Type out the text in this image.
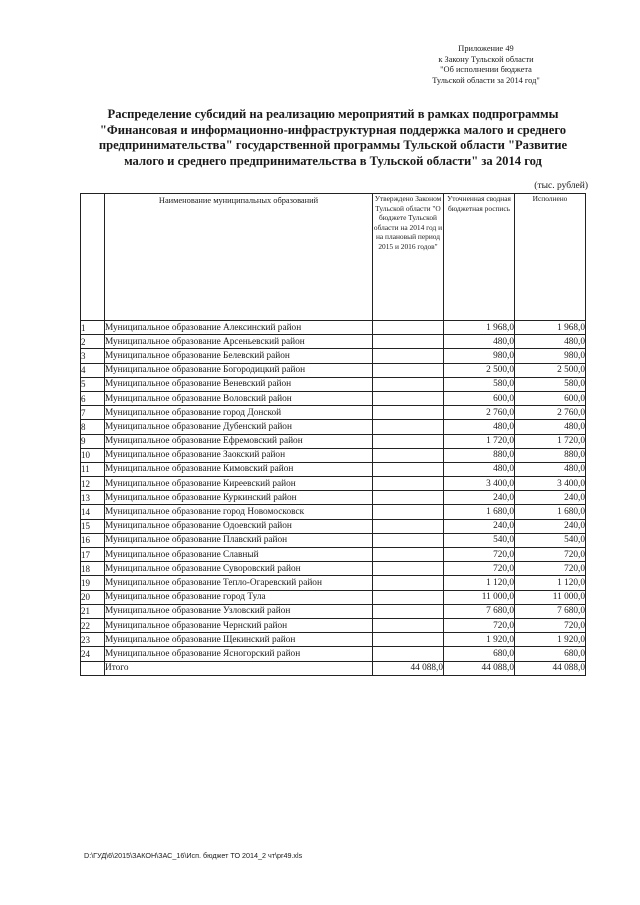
Приложение 49
к Закону Тульской области
"Об исполнении бюджета
Тульской области за 2014 год"
Распределение субсидий на реализацию мероприятий в рамках подпрограммы
"Финансовая и информационно-инфраструктурная поддержка малого и среднего
предпринимательства" государственной программы Тульской области "Развитие
малого и среднего предпринимательства в Тульской области" за 2014 год
(тыс. рублей)
	Наименование муниципальных образований	Утверждено Законом Тульской области "О бюджете Тульской области на 2014 год и на плановый период 2015 и 2016 годов"	Уточненная сводная бюджетная роспись	Исполнено
1	Муниципальное образование Алексинский район		1 968,0	1 968,0
2	Муниципальное образование Арсеньевский район		480,0	480,0
3	Муниципальное образование Белевский район		980,0	980,0
4	Муниципальное образование Богородицкий район		2 500,0	2 500,0
5	Муниципальное образование Веневский район		580,0	580,0
6	Муниципальное образование Воловский район		600,0	600,0
7	Муниципальное образование город Донской		2 760,0	2 760,0
8	Муниципальное образование Дубенский район		480,0	480,0
9	Муниципальное образование Ефремовский район		1 720,0	1 720,0
10	Муниципальное образование Заокский район		880,0	880,0
11	Муниципальное образование Кимовский район		480,0	480,0
12	Муниципальное образование Киреевский район		3 400,0	3 400,0
13	Муниципальное образование Куркинский район		240,0	240,0
14	Муниципальное образование город Новомосковск		1 680,0	1 680,0
15	Муниципальное образование Одоевский район		240,0	240,0
16	Муниципальное образование Плавский район		540,0	540,0
17	Муниципальное образование Славный		720,0	720,0
18	Муниципальное образование Суворовский район		720,0	720,0
19	Муниципальное образование Тепло-Огаревский район		1 120,0	1 120,0
20	Муниципальное образование город Тула		11 000,0	11 000,0
21	Муниципальное образование Узловский район		7 680,0	7 680,0
22	Муниципальное образование Чернский район		720,0	720,0
23	Муниципальное образование Щекинский район		1 920,0	1 920,0
24	Муниципальное образование Ясногорский район		680,0	680,0
	Итого	44 088,0	44 088,0	44 088,0
D:\ГУД\6\2015\ЗАКОН\ЗАС_16\Исп. бюджет ТО 2014_2 чт\pr49.xls
